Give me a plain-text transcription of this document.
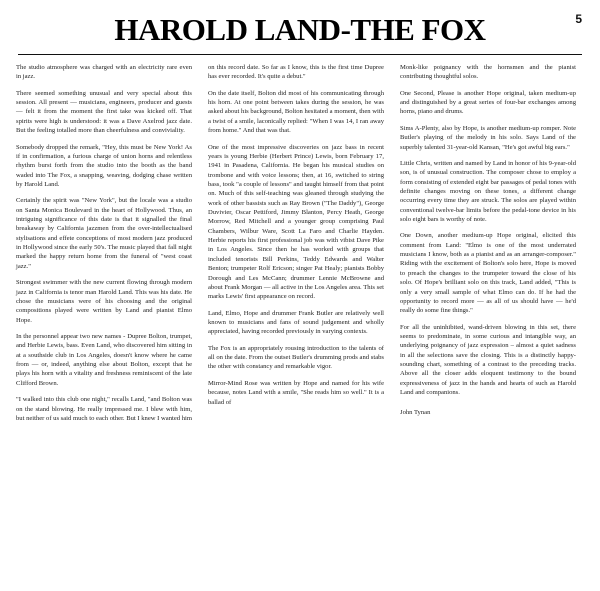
5
HAROLD LAND-THE FOX

The studio atmosphere was charged with an electricity rare even in jazz.

There seemed something unusual and very special about this session. All present — musicians, engineers, producer and guests — felt it from the moment the first take was kicked off. That spirits were high is understood: it was a Dave Axelrod jazz date. But the feeling totalled more than cheerfulness and conviviality.

Somebody dropped the remark, "Hey, this must be New York! As if in confirmation, a furious charge of union horns and relentless rhythm burst forth from the studio into the booth as the band waded into The Fox, a snapping, weaving, dodging chase written by Harold Land.

Certainly the spirit was "New York", but the locale was a studio on Santa Monica Boulevard in the heart of Hollywood. Thus, an intriguing significance of this date is that it signalled the final breakaway by California jazzmen from the over-intellectualised stylisations and effete conceptions of most modern jazz produced in Hollywood since the early 50's. The music played that fall night marked the happy return home from the funeral of "west coast jazz."

Strongest swimmer with the new current flowing through modern jazz in California is tenor man Harold Land. This was his date. He chose the musicians were of his choosing and the original compositions played were written by Land and pianist Elmo Hope.

In the personnel appear two new names - Dupree Bolton, trumpet, and Herbie Lewis, bass. Even Land, who discovered him sitting in at a southside club in Los Angeles, doesn't know where he came from — or, indeed, anything else about Bolton, except that he plays his horn with a vitality and freshness reminiscent of the late Clifford Brown.

"I walked into this club one night," recalls Land, "and Bolton was on the stand blowing. He really impressed me. I blew with him, but neither of us said much to each other. But I knew I wanted him

on this record date. So far as I know, this is the first time Dupree has ever recorded. It's quite a debut."

On the date itself, Bolton did most of his communicating through his horn. At one point between takes during the session, he was asked about his background, Bolton hesitated a moment, then with a twist of a smile, laconically replied: "When I was 14, I ran away from home." And that was that.

One of the most impressive discoveries on jazz bass in recent years is young Herbie (Herbert Prince) Lewis, born February 17, 1941 in Pasadena, California. He began his musical studies on trombone and with voice lessons; then, at 16, switched to string bass, took "a couple of lessons" and taught himself from that point on. Much of this self-teaching was gleaned through studying the work of other bassists such as Ray Brown ("The Daddy"), George Duvivier, Oscar Pettiford, Jimmy Blanton, Percy Heath, George Morrow, Red Mitchell and a younger group comprising Paul Chambers, Wilbur Ware, Scott La Faro and Charlie Hayden. Herbie reports his first professional job was with vibist Dave Pike in Los Angeles. Since then he has worked with groups that included tenorists Bill Perkins, Teddy Edwards and Walter Benton; trumpeter Rolf Ericson; singer Pat Healy; pianists Bobby Dorough and Les McCann; drummer Lennie McBrowne and about Frank Morgan — all active in the Los Angeles area. This set marks Lewis' first appearance on record.

Land, Elmo, Hope and drummer Frank Butler are relatively well known to musicians and fans of sound judgement and wholly appreciated, having recorded previously in varying contexts.

The Fox is an appropriately rousing introduction to the talents of all on the date. From the outset Butler's drumming prods and stabs the other with constancy and remarkable vigor.

Mirror-Mind Rose was written by Hope and named for his wife because, notes Land with a smile, "She reads him so well." It is a ballad of

Monk-like poignancy with the hornsmen and the pianist contributing thoughtful solos.

One Second, Please is another Hope original, taken medium-up and distinguished by a great series of four-bar exchanges among horns, piano and drums.

Sims A-Plenty, also by Hope, is another medium-up romper. Note Butler's playing of the melody in his solo. Says Land of the superbly talented 31-year-old Kansan, "He's got awful big ears."

Little Chris, written and named by Land in honor of his 9-year-old son, is of unusual construction. The composer chose to employ a form consisting of extended eight bar passages of pedal tones with definite changes moving on these tones, a different change occurring every time they are struck. The solos are played within conventional twelve-bar limits before the pedal-tone device in his solo eight bars is worthy of note.

One Down, another medium-up Hope original, elicited this comment from Land: "Elmo is one of the most underrated musicians I know, both as a pianist and as an arranger-composer." Riding with the excitement of Bolton's solo here, Hope is moved to preach the changes to the trumpeter toward the close of his solo. Of Hope's brilliant solo on this track, Land added, "This is only a very small sample of what Elmo can do. If he had the opportunity to record more — as all of us should have — he'd really do some fine things."

For all the uninhibited, wand-driven blowing in this set, there seems to predominate, in some curious and intangible way, an underlying poignancy of jazz expression – almost a quiet sadness in all the selections save the closing. This is a distinctly happy-sounding chart, something of a contrast to the preceding tracks. Above all the closer adds eloquent testimony to the bound expressiveness of jazz in the hands and hearts of such as Harold Land and companions.

John Tynan
